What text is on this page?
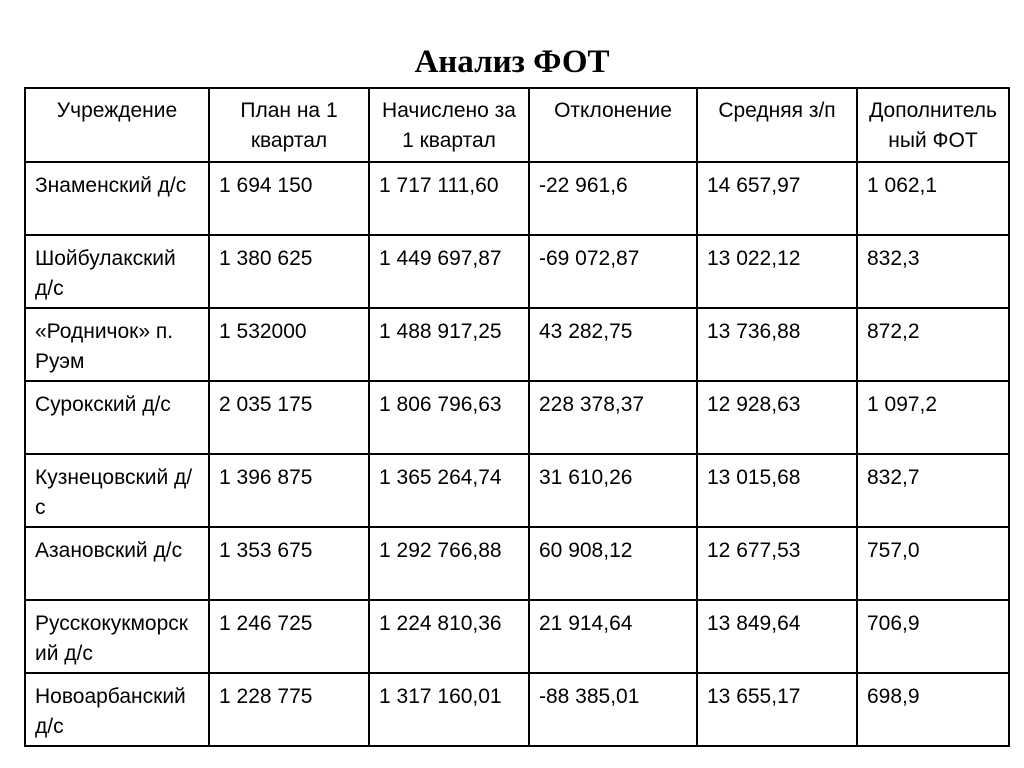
Анализ ФОТ
Учреждение	План на 1 квартал	Начислено за 1 квартал	Отклонение	Средняя з/п	Дополнительный ФОТ
Знаменский д/с	1 694 150	1 717 111,60	-22 961,6	14 657,97	1 062,1
Шойбулакский д/с	1 380 625	1 449 697,87	-69 072,87	13 022,12	832,3
«Родничок» п. Руэм	1 532000	1 488 917,25	43 282,75	13 736,88	872,2
Сурокский д/с	2 035 175	1 806 796,63	228 378,37	12 928,63	1 097,2
Кузнецовский д/с	1 396 875	1 365 264,74	31 610,26	13 015,68	832,7
Азановский д/с	1 353 675	1 292 766,88	60 908,12	12 677,53	757,0
Русскокукморский д/с	1 246 725	1 224 810,36	21 914,64	13 849,64	706,9
Новоарбанский д/с	1 228 775	1 317 160,01	-88 385,01	13 655,17	698,9
